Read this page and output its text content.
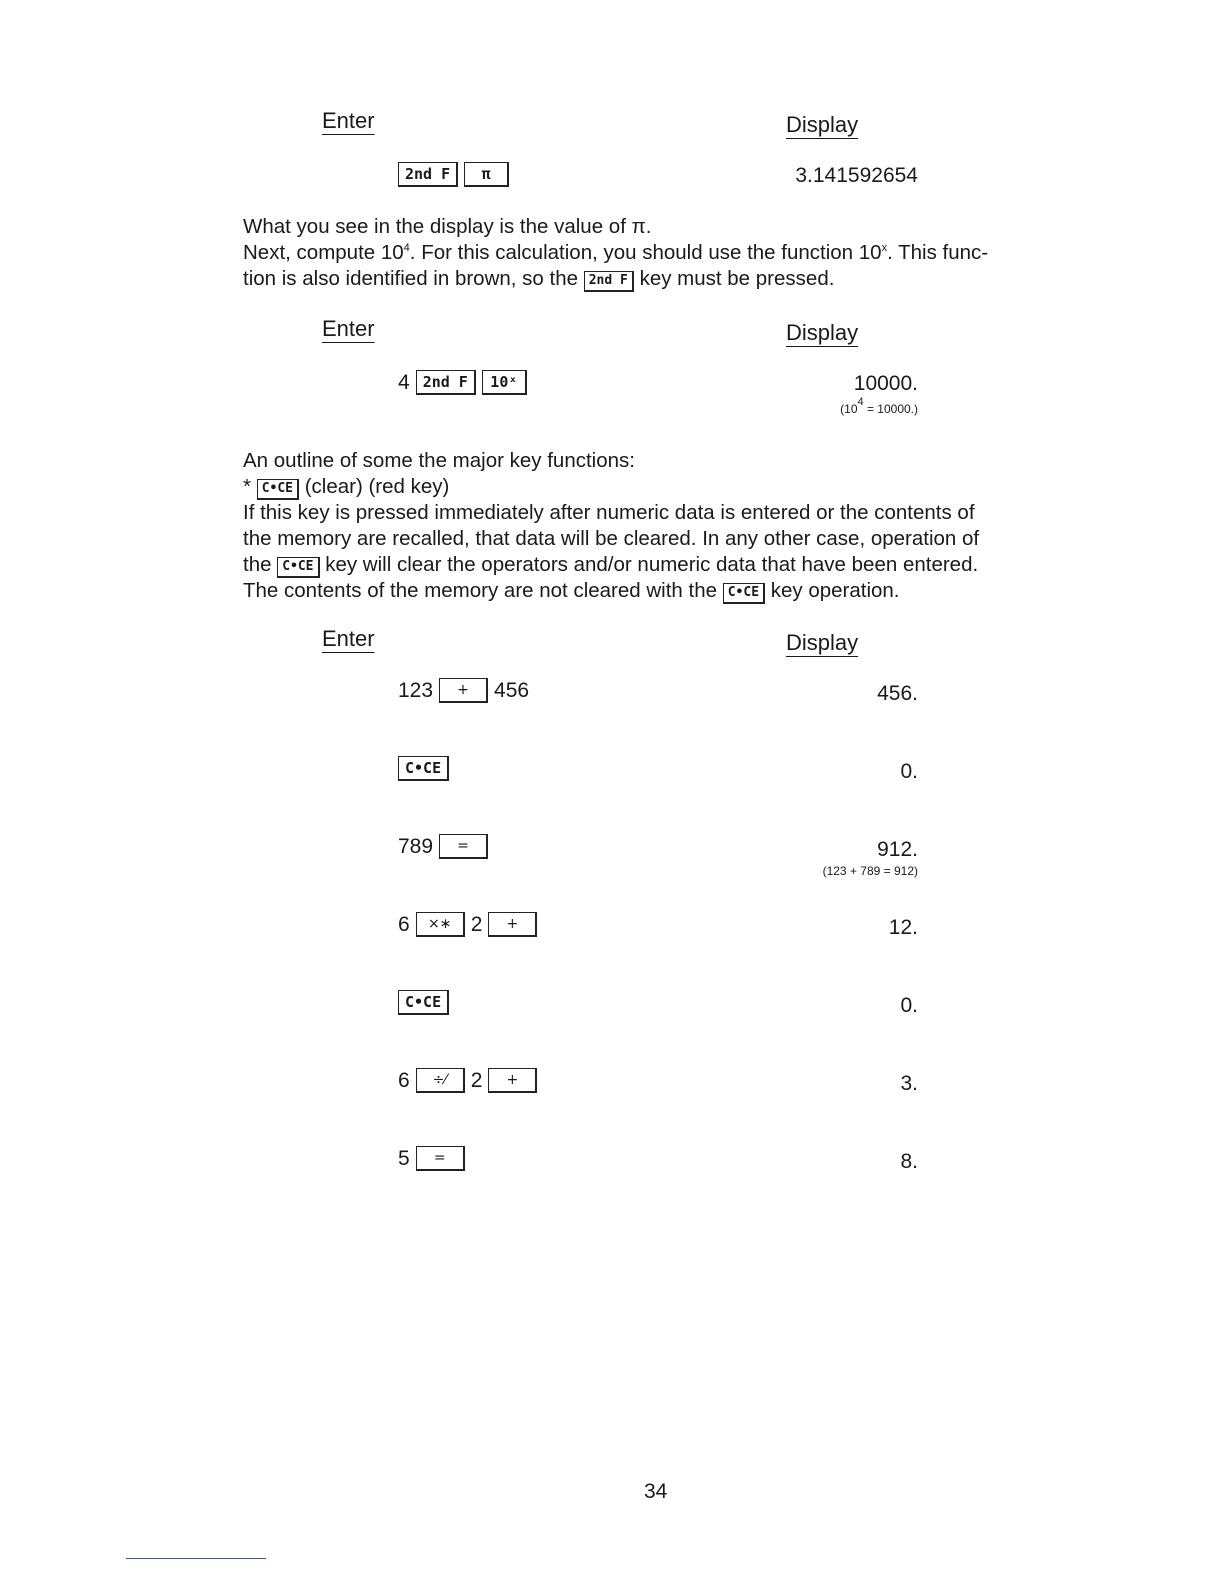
Enter	Display
2nd F	π	3.141592654

What you see in the display is the value of π.

Next, compute $10^4$. For this calculation, you should use the function 10$^x$. This func-

tion is also identified in brown, so the 2nd F key must be pressed.

Enter	Display
4 2nd F	10ˣ	10000.
$(10^4 = 10000.)$

An outline of some the major key functions:

* C•CE (clear) (red key)

If this key is pressed immediately after numeric data is entered or the contents of

the memory are recalled, that data will be cleared. In any other case, operation of

the C•CE key will clear the operators and/or numeric data that have been entered.

The contents of the memory are not cleared with the C•CE key operation.

Enter	Display
123	+	456	456.
C•CE	0.
789	=	912.
(123 + 789 = 912)
6	×∗ 2	+	12.
C•CE	0.
6	÷⁄	2	+	3.
5	=	8.
34
